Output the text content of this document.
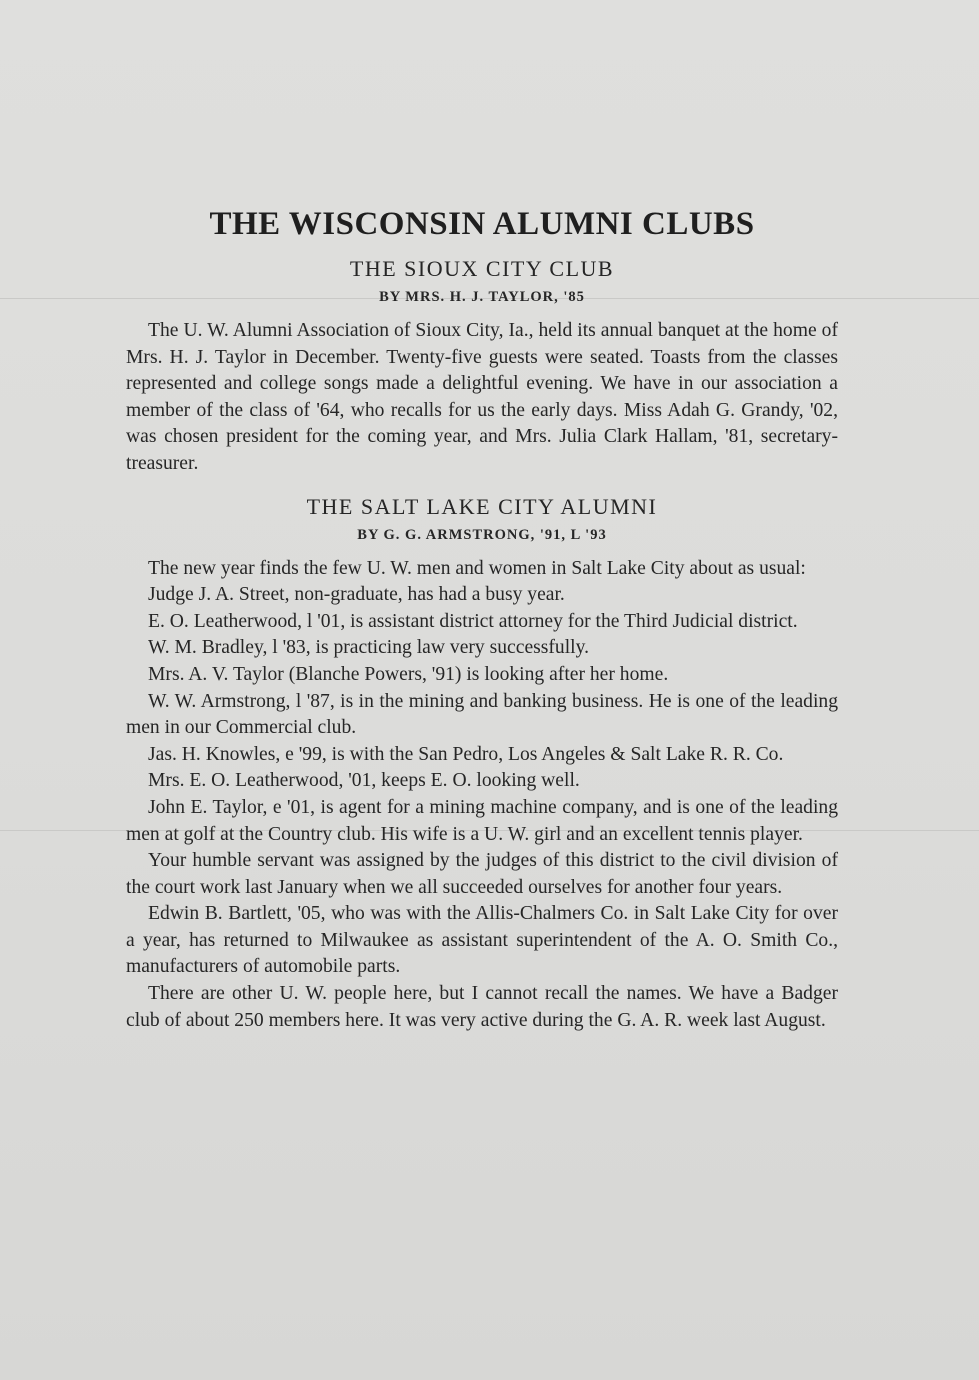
THE WISCONSIN ALUMNI CLUBS
THE SIOUX CITY CLUB
BY MRS. H. J. TAYLOR, '85

The U. W. Alumni Association of Sioux City, Ia., held its annual banquet at the home of Mrs. H. J. Taylor in December. Twenty-five guests were seated. Toasts from the classes represented and college songs made a delightful evening. We have in our association a member of the class of '64, who recalls for us the early days. Miss Adah G. Grandy, '02, was chosen president for the coming year, and Mrs. Julia Clark Hallam, '81, secretary-treasurer.

THE SALT LAKE CITY ALUMNI
BY G. G. ARMSTRONG, '91, L '93

The new year finds the few U. W. men and women in Salt Lake City about as usual:

Judge J. A. Street, non-graduate, has had a busy year.

E. O. Leatherwood, l '01, is assistant district attorney for the Third Judicial district.

W. M. Bradley, l '83, is practicing law very successfully.

Mrs. A. V. Taylor (Blanche Powers, '91) is looking after her home.

W. W. Armstrong, l '87, is in the mining and banking business. He is one of the leading men in our Commercial club.

Jas. H. Knowles, e '99, is with the San Pedro, Los Angeles & Salt Lake R. R. Co.

Mrs. E. O. Leatherwood, '01, keeps E. O. looking well.

John E. Taylor, e '01, is agent for a mining machine company, and is one of the leading men at golf at the Country club. His wife is a U. W. girl and an excellent tennis player.

Your humble servant was assigned by the judges of this district to the civil division of the court work last January when we all succeeded ourselves for another four years.

Edwin B. Bartlett, '05, who was with the Allis-Chalmers Co. in Salt Lake City for over a year, has returned to Milwaukee as assistant superintendent of the A. O. Smith Co., manufacturers of automobile parts.

There are other U. W. people here, but I cannot recall the names. We have a Badger club of about 250 members here. It was very active during the G. A. R. week last August.
